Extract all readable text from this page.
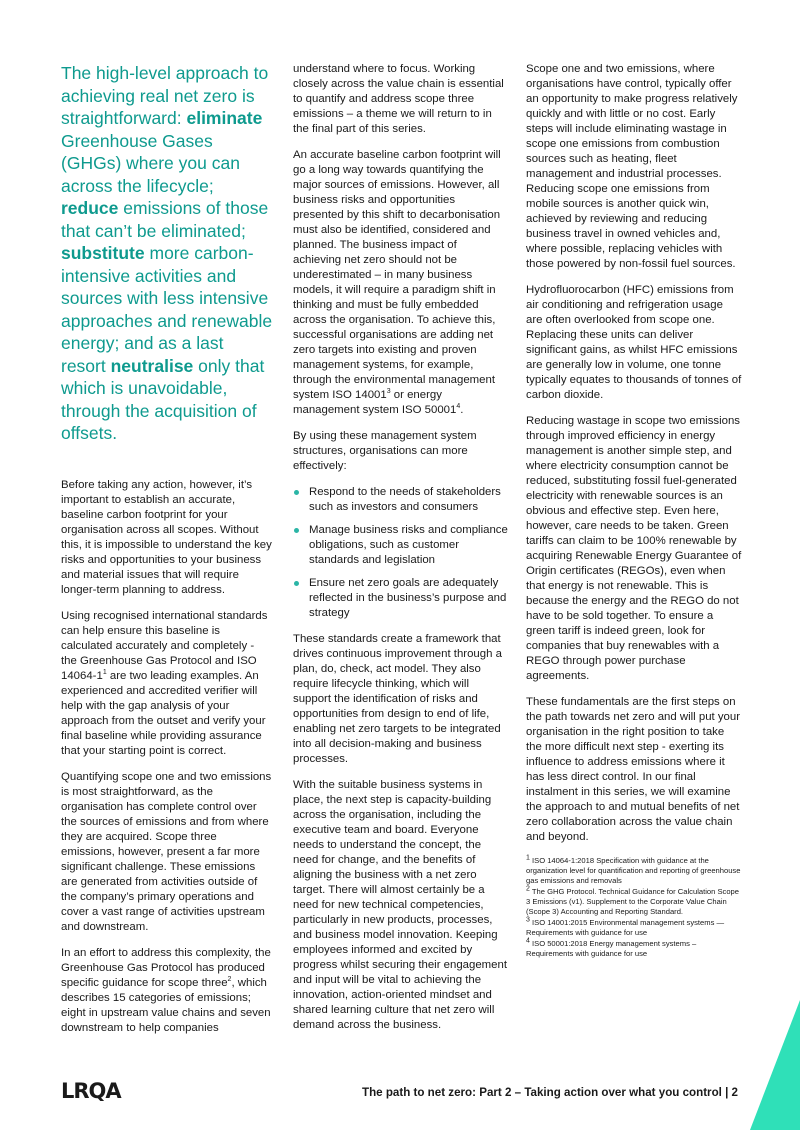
The high-level approach to achieving real net zero is straightforward: eliminate Greenhouse Gases (GHGs) where you can across the lifecycle; reduce emissions of those that can’t be eliminated; substitute more carbon-intensive activities and sources with less intensive approaches and renewable energy; and as a last resort neutralise only that which is unavoidable, through the acquisition of offsets.

Before taking any action, however, it’s important to establish an accurate, baseline carbon footprint for your organisation across all scopes. Without this, it is impossible to understand the key risks and opportunities to your business and material issues that will require longer-term planning to address.

Using recognised international standards can help ensure this baseline is calculated accurately and completely - the Greenhouse Gas Protocol and ISO $14064-1^1$ are two leading examples. An experienced and accredited verifier will help with the gap analysis of your approach from the outset and verify your final baseline while providing assurance that your starting point is correct.

Quantifying scope one and two emissions is most straightforward, as the organisation has complete control over the sources of emissions and from where they are acquired. Scope three emissions, however, present a far more significant challenge. These emissions are generated from activities outside of the company’s primary operations and cover a vast range of activities upstream and downstream.

In an effort to address this complexity, the Greenhouse Gas Protocol has produced specific guidance for scope three$^2$, which describes 15 categories of emissions; eight in upstream value chains and seven downstream to help companies

understand where to focus. Working closely across the value chain is essential to quantify and address scope three emissions – a theme we will return to in the final part of this series.

An accurate baseline carbon footprint will go a long way towards quantifying the major sources of emissions. However, all business risks and opportunities presented by this shift to decarbonisation must also be identified, considered and planned. The business impact of achieving net zero should not be underestimated – in many business models, it will require a paradigm shift in thinking and must be fully embedded across the organisation. To achieve this, successful organisations are adding net zero targets into existing and proven management systems, for example, through the environmental management system ISO 14001$^3$ or energy management system ISO 50001$^4$.

By using these management system structures, organisations can more effectively:

Respond to the needs of stakeholders such as investors and consumers
Manage business risks and compliance obligations, such as customer standards and legislation
Ensure net zero goals are adequately reflected in the business’s purpose and strategy

These standards create a framework that drives continuous improvement through a plan, do, check, act model. They also require lifecycle thinking, which will support the identification of risks and opportunities from design to end of life, enabling net zero targets to be integrated into all decision-making and business processes.

With the suitable business systems in place, the next step is capacity-building across the organisation, including the executive team and board. Everyone needs to understand the concept, the need for change, and the benefits of aligning the business with a net zero target. There will almost certainly be a need for new technical competencies, particularly in new products, processes, and business model innovation. Keeping employees informed and excited by progress whilst securing their engagement and input will be vital to achieving the innovation, action-oriented mindset and shared learning culture that net zero will demand across the business.

Scope one and two emissions, where organisations have control, typically offer an opportunity to make progress relatively quickly and with little or no cost. Early steps will include eliminating wastage in scope one emissions from combustion sources such as heating, fleet management and industrial processes. Reducing scope one emissions from mobile sources is another quick win, achieved by reviewing and reducing business travel in owned vehicles and, where possible, replacing vehicles with those powered by non-fossil fuel sources.

Hydrofluorocarbon (HFC) emissions from air conditioning and refrigeration usage are often overlooked from scope one. Replacing these units can deliver significant gains, as whilst HFC emissions are generally low in volume, one tonne typically equates to thousands of tonnes of carbon dioxide.

Reducing wastage in scope two emissions through improved efficiency in energy management is another simple step, and where electricity consumption cannot be reduced, substituting fossil fuel-generated electricity with renewable sources is an obvious and effective step. Even here, however, care needs to be taken. Green tariffs can claim to be 100% renewable by acquiring Renewable Energy Guarantee of Origin certificates (REGOs), even when that energy is not renewable. This is because the energy and the REGO do not have to be sold together. To ensure a green tariff is indeed green, look for companies that buy renewables with a REGO through power purchase agreements.

These fundamentals are the first steps on the path towards net zero and will put your organisation in the right position to take the more difficult next step - exerting its influence to address emissions where it has less direct control. In our final instalment in this series, we will examine the approach to and mutual benefits of net zero collaboration across the value chain and beyond.

$^1$ ISO 14064-1:2018 Specification with guidance at the organization level for quantification and reporting of greenhouse gas emissions and removals
$^2$ The GHG Protocol. Technical Guidance for Calculation Scope 3 Emissions (v1). Supplement to the Corporate Value Chain (Scope 3) Accounting and Reporting Standard.
$^3$ ISO 14001:2015 Environmental management systems — Requirements with guidance for use
$^4$ ISO 50001:2018 Energy management systems – Requirements with guidance for use
LRQA	The path to net zero: Part 2 – Taking action over what you control | 2
